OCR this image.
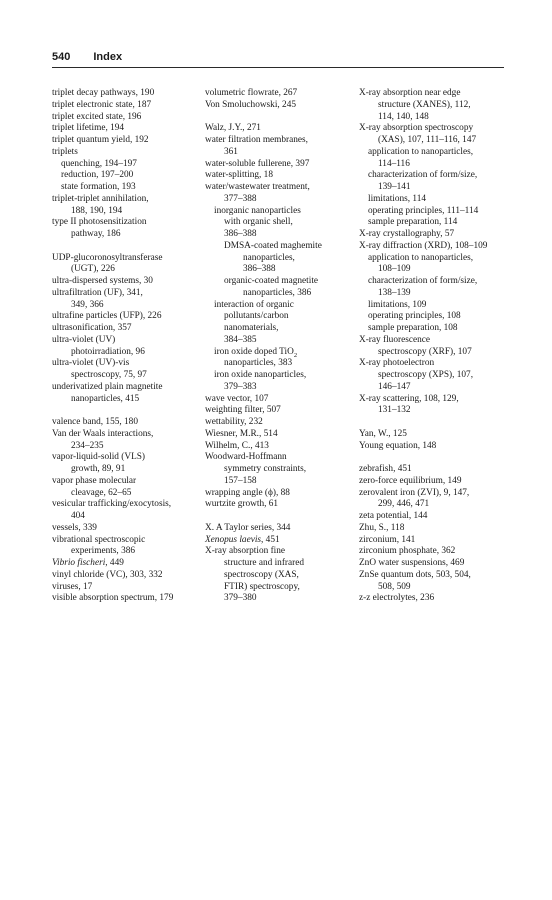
540 Index
triplet decay pathways, 190
triplet electronic state, 187
triplet excited state, 196
triplet lifetime, 194
triplet quantum yield, 192
triplets
quenching, 194–197
reduction, 197–200
state formation, 193
triplet-triplet annihilation,
188, 190, 194
type II photosensitization
pathway, 186
UDP-glucoronosyltransferase
(UGT), 226
ultra-dispersed systems, 30
ultrafiltration (UF), 341,
349, 366
ultrafine particles (UFP), 226
ultrasonification, 357
ultra-violet (UV)
photoirradiation, 96
ultra-violet (UV)-vis
spectroscopy, 75, 97
underivatized plain magnetite
nanoparticles, 415
valence band, 155, 180
Van der Waals interactions,
234–235
vapor-liquid-solid (VLS)
growth, 89, 91
vapor phase molecular
cleavage, 62–65
vesicular trafficking/exocytosis,
404
vessels, 339
vibrational spectroscopic
experiments, 386
Vibrio fischeri, 449
vinyl chloride (VC), 303, 332
viruses, 17
visible absorption spectrum, 179
volumetric flowrate, 267
Von Smoluchowski, 245
Walz, J.Y., 271
water filtration membranes,
361
water-soluble fullerene, 397
water-splitting, 18
water/wastewater treatment,
377–388
inorganic nanoparticles
with organic shell,
386–388
DMSA-coated maghemite
nanoparticles,
386–388
organic-coated magnetite
nanoparticles, 386
interaction of organic
pollutants/carbon
nanomaterials,
384–385
iron oxide doped TiO$_2$
nanoparticles, 383
iron oxide nanoparticles,
379–383
wave vector, 107
weighting filter, 507
wettability, 232
Wiesner, M.R., 514
Wilhelm, C., 413
Woodward-Hoffmann
symmetry constraints,
157–158
wrapping angle (ϕ), 88
wurtzite growth, 61
X. A Taylor series, 344
Xenopus laevis, 451
X-ray absorption fine
structure and infrared
spectroscopy (XAS,
FTIR) spectroscopy,
379–380
X-ray absorption near edge
structure (XANES), 112,
114, 140, 148
X-ray absorption spectroscopy
(XAS), 107, 111–116, 147
application to nanoparticles,
114–116
characterization of form/size,
139–141
limitations, 114
operating principles, 111–114
sample preparation, 114
X-ray crystallography, 57
X-ray diffraction (XRD), 108–109
application to nanoparticles,
108–109
characterization of form/size,
138–139
limitations, 109
operating principles, 108
sample preparation, 108
X-ray fluorescence
spectroscopy (XRF), 107
X-ray photoelectron
spectroscopy (XPS), 107,
146–147
X-ray scattering, 108, 129,
131–132
Yan, W., 125
Young equation, 148
zebrafish, 451
zero-force equilibrium, 149
zerovalent iron (ZVI), 9, 147,
299, 446, 471
zeta potential, 144
Zhu, S., 118
zirconium, 141
zirconium phosphate, 362
ZnO water suspensions, 469
ZnSe quantum dots, 503, 504,
508, 509
z-z electrolytes, 236
